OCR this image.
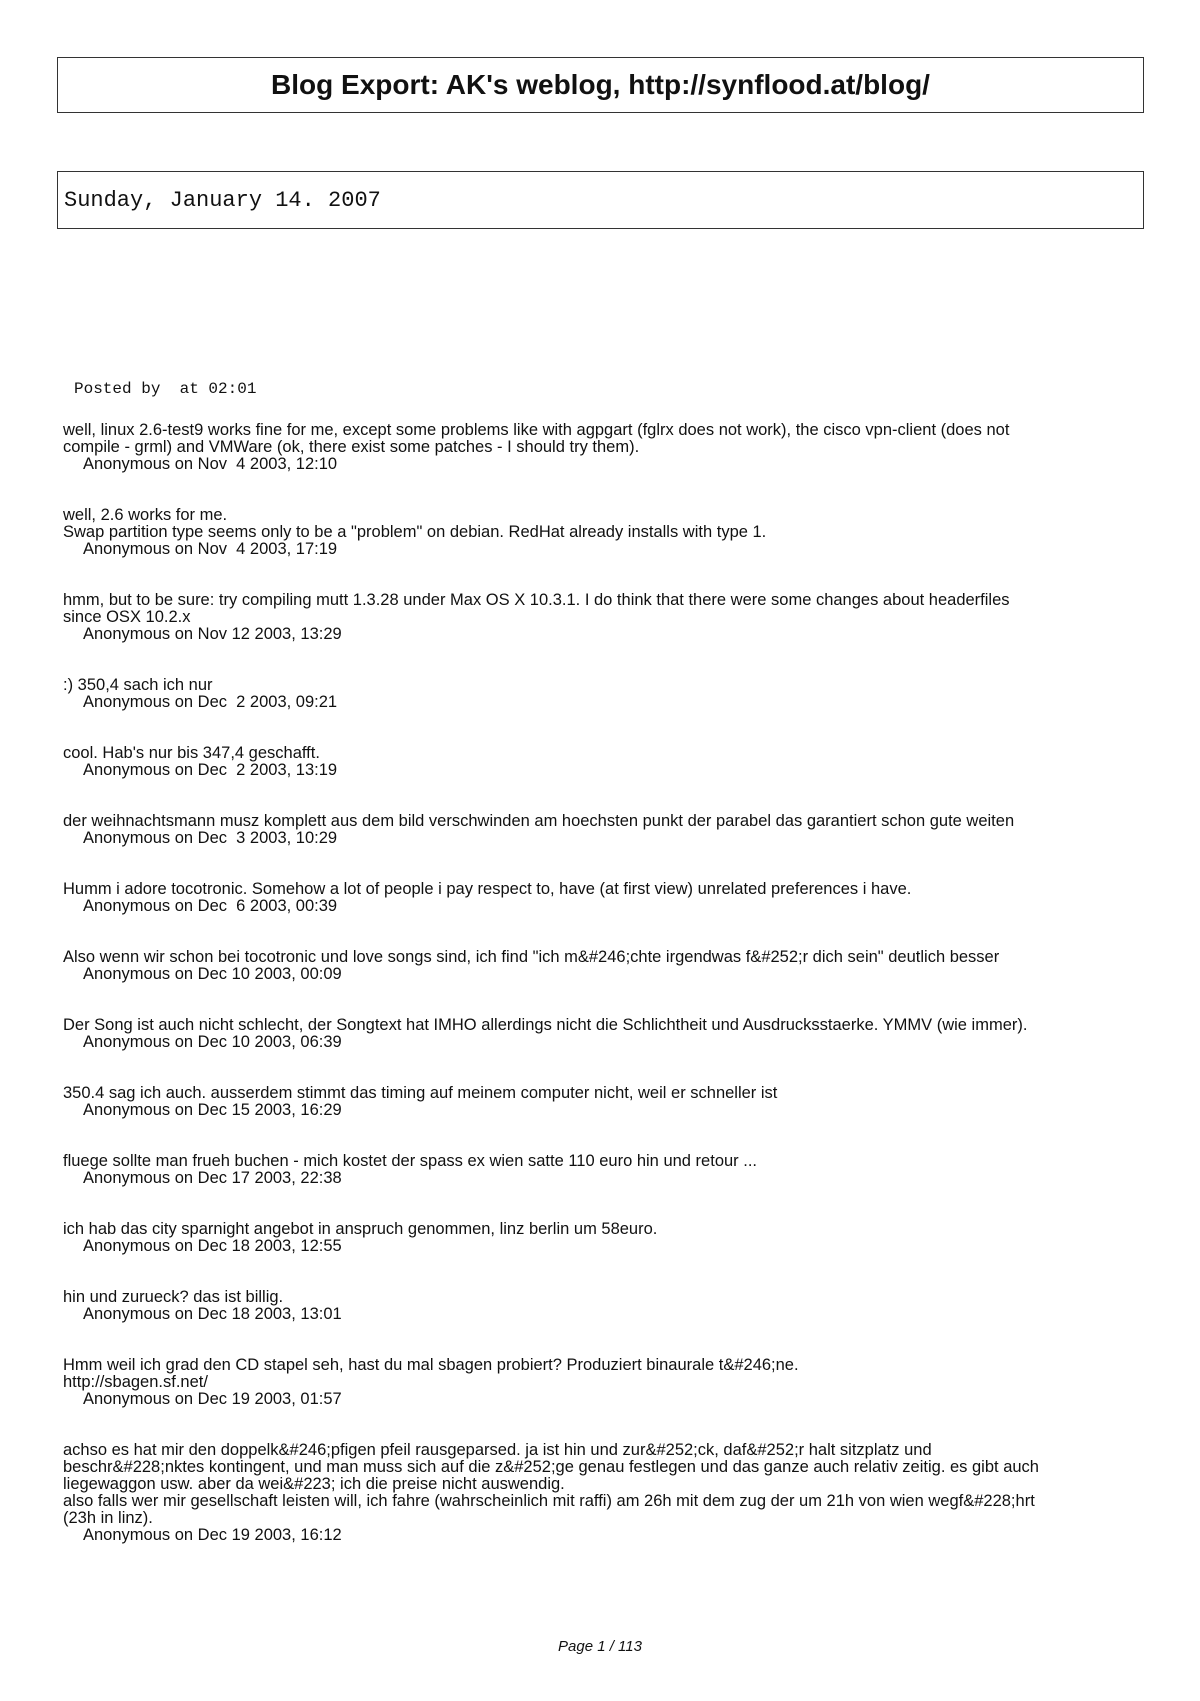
Blog Export: AK's weblog, http://synflood.at/blog/
Sunday, January 14. 2007
Posted by  at 02:01
well, linux 2.6-test9 works fine for me, except some problems like with agpgart (fglrx does not work), the cisco vpn-client (does not
compile - grml) and VMWare (ok, there exist some patches - I should try them).
Anonymous on Nov  4 2003, 12:10
well, 2.6 works for me.
Swap partition type seems only to be a "problem" on debian. RedHat already installs with type 1.
Anonymous on Nov  4 2003, 17:19
hmm, but to be sure: try compiling mutt 1.3.28 under Max OS X 10.3.1. I do think that there were some changes about headerfiles
since OSX 10.2.x
Anonymous on Nov 12 2003, 13:29
:) 350,4 sach ich nur
Anonymous on Dec  2 2003, 09:21
cool. Hab's nur bis 347,4 geschafft.
Anonymous on Dec  2 2003, 13:19
der weihnachtsmann musz komplett aus dem bild verschwinden am hoechsten punkt der parabel das garantiert schon gute weiten
Anonymous on Dec  3 2003, 10:29
Humm i adore tocotronic. Somehow a lot of people i pay respect to, have (at first view) unrelated preferences i have.
Anonymous on Dec  6 2003, 00:39
Also wenn wir schon bei tocotronic und love songs sind, ich find "ich m&#246;chte irgendwas f&#252;r dich sein" deutlich besser
Anonymous on Dec 10 2003, 00:09
Der Song ist auch nicht schlecht, der Songtext hat IMHO allerdings nicht die Schlichtheit und Ausdrucksstaerke. YMMV (wie immer).
Anonymous on Dec 10 2003, 06:39
350.4 sag ich auch. ausserdem stimmt das timing auf meinem computer nicht, weil er schneller ist
Anonymous on Dec 15 2003, 16:29
fluege sollte man frueh buchen - mich kostet der spass ex wien satte 110 euro hin und retour ...
Anonymous on Dec 17 2003, 22:38
ich hab das city sparnight angebot in anspruch genommen, linz berlin um 58euro.
Anonymous on Dec 18 2003, 12:55
hin und zurueck? das ist billig.
Anonymous on Dec 18 2003, 13:01
Hmm weil ich grad den CD stapel seh, hast du mal sbagen probiert? Produziert binaurale t&#246;ne.
http://sbagen.sf.net/
Anonymous on Dec 19 2003, 01:57
achso es hat mir den doppelk&#246;pfigen pfeil rausgeparsed. ja ist hin und zur&#252;ck, daf&#252;r halt sitzplatz und
beschr&#228;nktes kontingent, und man muss sich auf die z&#252;ge genau festlegen und das ganze auch relativ zeitig. es gibt auch
liegewaggon usw. aber da wei&#223; ich die preise nicht auswendig.
also falls wer mir gesellschaft leisten will, ich fahre (wahrscheinlich mit raffi) am 26h mit dem zug der um 21h von wien wegf&#228;hrt
(23h in linz).
Anonymous on Dec 19 2003, 16:12
Page 1 / 113
